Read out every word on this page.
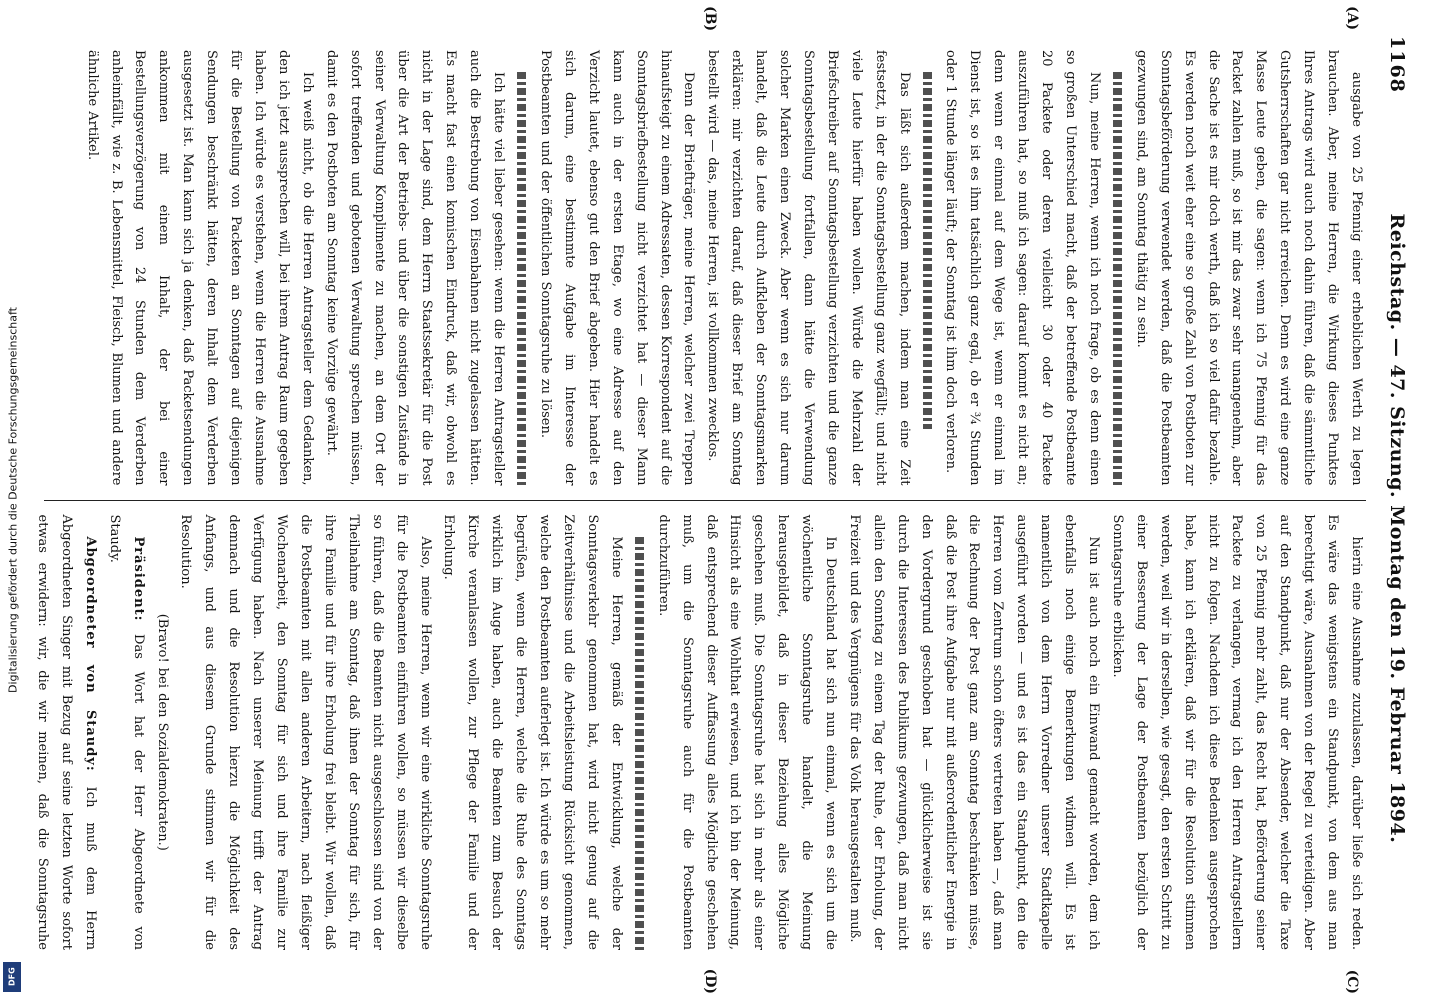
1168
Reichstag. — 47. Sitzung. Montag den 19. Februar 1894.

ausgabe von 25 Pfennig einer erheblichen Werth zu legen brauchen. Aber, meine Herren, die Wirkung dieses Punktes Ihres Antrags wird auch noch dahin führen, daß die sämmtliche Gutsherrschaften gar nicht erreichen. Denn es wird eine ganze Masse Leute geben, die sagen: wenn ich 75 Pfennig für das Packet zahlen muß, so ist mir das zwar sehr unangenehm, aber die Sache ist es mir doch werth, daß ich so viel dafür bezahle. Es werden noch weit eher eine so große Zahl von Postboten zur Sonntagsbeförderung verwendet werden, daß die Postbeamten gezwungen sind, am Sonntag thätig zu sein.

Nun, meine Herren, wenn ich noch frage, ob es denn einen so großen Unterschied macht, daß der betreffende Postbeamte 20 Packete oder deren vielleicht 30 oder 40 Packete auszuführen hat, so muß ich sagen: darauf kommt es nicht an; denn wenn er einmal auf dem Wege ist, wenn er einmal im Dienst ist, so ist es ihm tatsächlich ganz egal, ob er ¾ Stunden oder 1 Stunde länger läuft; der Sonntag ist ihm doch verloren.

Das läßt sich außerdem machen, indem man eine Zeit festsetzt, in der die Sonntagsbestellung ganz wegfällt; und nicht viele Leute hierfür haben wollen. Würde die Mehrzahl der Briefschreiber auf Sonntagsbestellung verzichten und die ganze Sonntagsbestellung fortfallen, dann hätte die Verwendung solcher Marken einen Zweck. Aber wenn es sich nur darum handelt, daß die Leute durch Aufkleben der Sonntagsmarken erklären: mir verzichten darauf, daß dieser Brief am Sonntag bestellt wird — das, meine Herren, ist vollkommen zwecklos.

Denn der Briefträger, meine Herren, welcher zwei Treppen hinaufsteigt zu einem Adressaten, dessen Korrespondent auf die Sonntagsbriefbestellung nicht verzichtet hat — dieser Mann kann auch in der ersten Etage, wo eine Adresse auf den Verzicht lautet, ebenso gut den Brief abgeben. Hier handelt es sich darum, eine bestimmte Aufgabe im Interesse der Postbeamten und der öffentlichen Sonntagsruhe zu lösen.

Ich hätte viel lieber gesehen: wenn die Herren Antragsteller auch die Bestrebung von Eisenbahnen nicht zugelassen hätten. Es macht fast einen komischen Eindruck, daß wir, obwohl es nicht in der Lage sind, dem Herrn Staatssekretär für die Post über die Art der Betriebs- und über die sonstigen Zustände in seiner Verwaltung Komplimente zu machen, an dem Ort der sofort treffenden und gebotenen Verwaltung sprechen müssen, damit es den Postboten am Sonntag keine Vorzüge gewährt.

Ich weiß nicht, ob die Herren Antragsteller dem Gedanken, den ich jetzt aussprechen will, bei ihrem Antrag Raum gegeben haben. Ich würde es verstehen, wenn die Herren die Ausnahme für die Bestellung von Packeten an Sonntagen auf diejenigen Sendungen beschränkt hätten, deren Inhalt dem Verderben ausgesetzt ist. Man kann sich ja denken, daß Packetsendungen ankommen mit einem Inhalt, der bei einer Bestellungsverzögerung von 24 Stunden dem Verderben anheimfällt, wie z. B. Lebensmittel, Fleisch, Blumen und andere ähnliche Artikel.

hierin eine Ausnahme zuzulassen, darüber ließe sich reden. Es wäre das wenigstens ein Standpunkt, von dem aus man berechtigt wäre, Ausnahmen von der Regel zu verteidigen. Aber auf den Standpunkt, daß nur der Absender, welcher die Taxe von 25 Pfennig mehr zahlt, das Recht hat, Beförderung seiner Packete zu verlangen, vermag ich den Herren Antragstellern nicht zu folgen. Nachdem ich diese Bedenken ausgesprochen habe, kann ich erklären, daß wir für die Resolution stimmen werden, weil wir in derselben, wie gesagt, den ersten Schritt zu einer Besserung der Lage der Postbeamten bezüglich der Sonntagsruhe erblicken.

Nun ist auch noch ein Einwand gemacht worden, dem ich ebenfalls noch einige Bemerkungen widmen will. Es ist namentlich von dem Herrn Vorredner unserer Stadtkapelle ausgeführt worden — und es ist das ein Standpunkt, den die Herren vom Zentrum schon öfters vertreten haben —, daß man die Rechnung der Post ganz am Sonntag beschränken müsse, daß die Post ihre Aufgabe nur mit außerordentlicher Energie in den Vordergrund geschoben hat — glücklicherweise ist sie durch die Interessen des Publikums gezwungen, daß man nicht allein den Sonntag zu einem Tag der Ruhe, der Erholung, der Freizeit und des Vergnügens für das Volk herausgestalten muß.

In Deutschland hat sich nun einmal, wenn es sich um die wöchentliche Sonntagsruhe handelt, die Meinung herausgebildet, daß in dieser Beziehung alles Mögliche geschehen muß. Die Sonntagsruhe hat sich in mehr als einer Hinsicht als eine Wohlthat erwiesen, und ich bin der Meinung, daß entsprechend dieser Auffassung alles Mögliche geschehen muß, um die Sonntagsruhe auch für die Postbeamten durchzuführen.

Meine Herren, gemäß der Entwicklung, welche der Sonntagsverkehr genommen hat, wird nicht genug auf die Zeitverhältnisse und die Arbeitsleistung Rücksicht genommen, welche den Postbeamten auferlegt ist. Ich würde es um so mehr begrüßen, wenn die Herren, welche die Ruhe des Sonntags wirklich im Auge haben, auch die Beamten zum Besuch der Kirche veranlassen wollen, zur Pflege der Familie und der Erholung.

Also, meine Herren, wenn wir eine wirkliche Sonntagsruhe für die Postbeamten einführen wollen, so müssen wir dieselbe so führen, daß die Beamten nicht ausgeschlossen sind von der Theilnahme am Sonntag, daß ihnen der Sonntag für sich, für ihre Familie und für ihre Erholung frei bleibt. Wir wollen, daß die Postbeamten mit allen anderen Arbeitern, nach fleißiger Wochenarbeit, den Sonntag für sich und ihre Familie zur Verfügung haben. Nach unserer Meinung trifft der Antrag demnach und die Resolution hierzu die Möglichkeit des Anfangs, und aus diesem Grunde stimmen wir für die Resolution.

(Bravo! bei den Sozialdemokraten.)

Präsident: Das Wort hat der Herr Abgeordnete von Staudy.

Abgeordneter von Staudy: Ich muß dem Herrn Abgeordneten Singer mit Bezug auf seine letzten Worte sofort etwas erwidern: wir, die wir meinen, daß die Sonntagsruhe

(A)
(B)
(C)
(D)
Digitalisierung gefördert durch die Deutsche Forschungsgemeinschaft
DFG
